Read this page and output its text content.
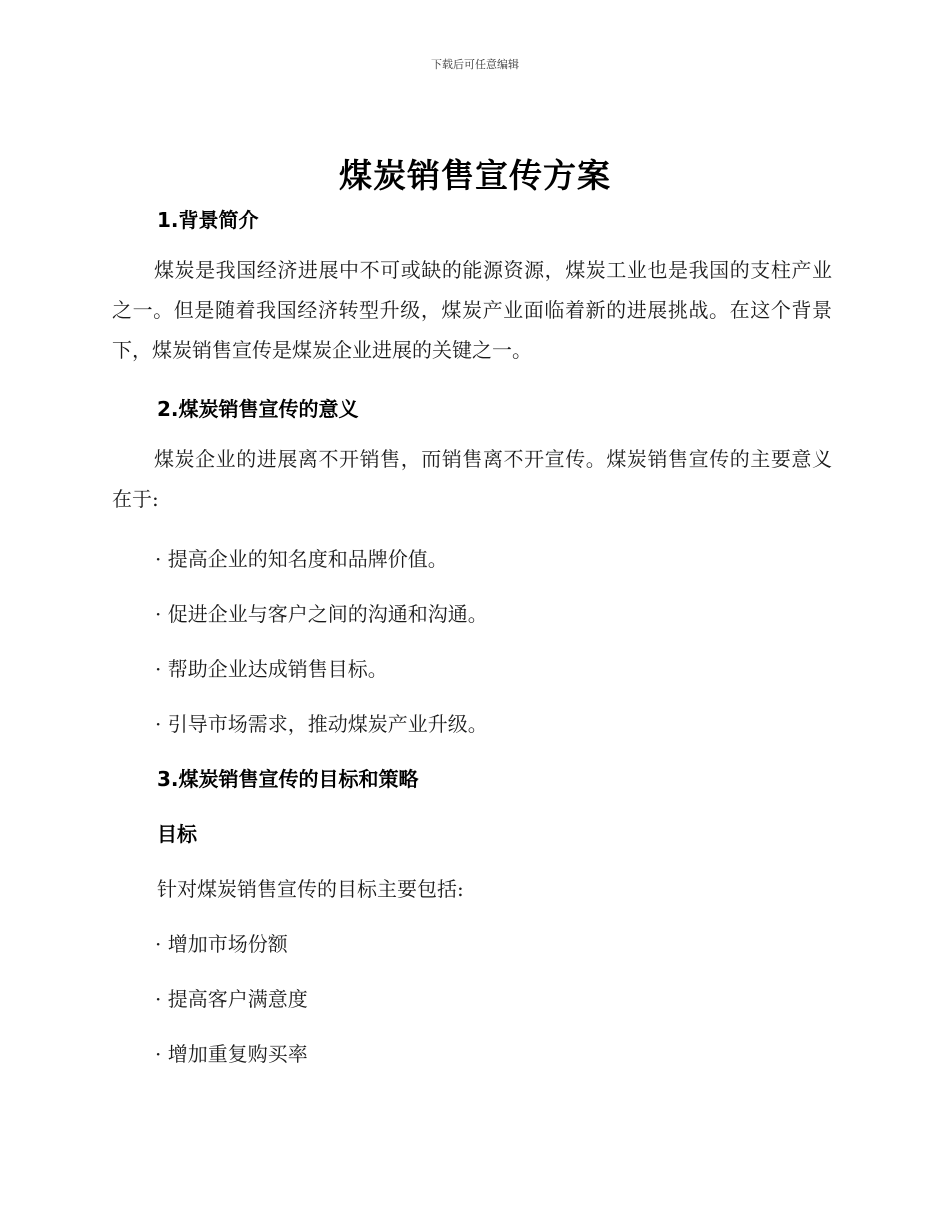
下载后可任意编辑
煤炭销售宣传方案
1.背景简介

煤炭是我国经济进展中不可或缺的能源资源，煤炭工业也是我国的支柱产业之一。但是随着我国经济转型升级，煤炭产业面临着新的进展挑战。在这个背景下，煤炭销售宣传是煤炭企业进展的关键之一。

2.煤炭销售宣传的意义

煤炭企业的进展离不开销售，而销售离不开宣传。煤炭销售宣传的主要意义在于:

· 提高企业的知名度和品牌价值。
· 促进企业与客户之间的沟通和沟通。
· 帮助企业达成销售目标。
· 引导市场需求，推动煤炭产业升级。
3.煤炭销售宣传的目标和策略
目标
针对煤炭销售宣传的目标主要包括:
· 增加市场份额
· 提高客户满意度
· 增加重复购买率
